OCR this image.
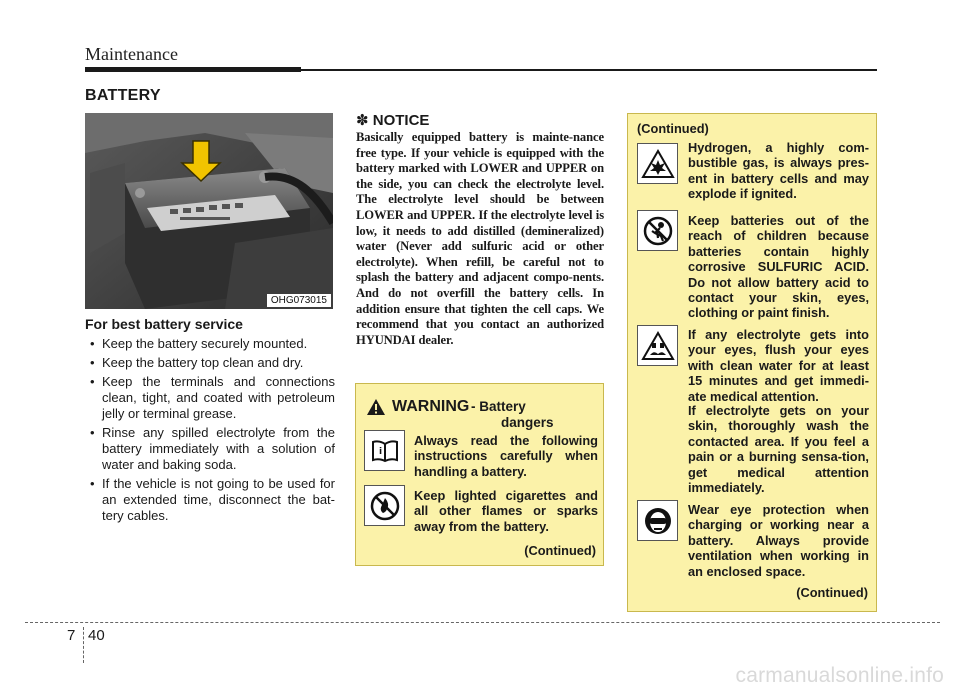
Maintenance
BATTERY
OHG073015
For best battery service
• Keep the battery securely mounted.
• Keep the battery top clean and dry.
• Keep the terminals and connections clean, tight, and coated with petroleum jelly or terminal grease.
• Rinse any spilled electrolyte from the battery immediately with a solution of water and baking soda.
• If the vehicle is not going to be used for an extended time, disconnect the bat-tery cables.
✽ NOTICE

Basically equipped battery is mainte-nance free type. If your vehicle is equipped with the battery marked with LOWER and UPPER on the side, you can check the electrolyte level. The electrolyte level should be between LOWER and UPPER. If the electrolyte level is low, it needs to add distilled (demineralized) water (Never add sulfuric acid or other electrolyte). When refill, be careful not to splash the battery and adjacent compo-nents. And do not overfill the battery cells. In addition ensure that tighten the cell caps. We recommend that you contact an authorized HYUNDAI dealer.

WARNING - Battery
dangers
i

Always read the following instructions carefully when handling a battery.

Keep lighted cigarettes and all other flames or sparks away from the battery.

(Continued)
(Continued)

Hydrogen, a highly com-bustible gas, is always pres-ent in battery cells and may explode if ignited.

Keep batteries out of the reach of children because batteries contain highly corrosive SULFURIC ACID. Do not allow battery acid to contact your skin, eyes, clothing or paint finish.

If any electrolyte gets into your eyes, flush your eyes with clean water for at least 15 minutes and get immedi-ate medical attention.

If electrolyte gets on your skin, thoroughly wash the contacted area. If you feel a pain or a burning sensa-tion, get medical attention immediately.

Wear eye protection when charging or working near a battery. Always provide ventilation when working in an enclosed space.

(Continued)
7 40
carmanualsonline.info
